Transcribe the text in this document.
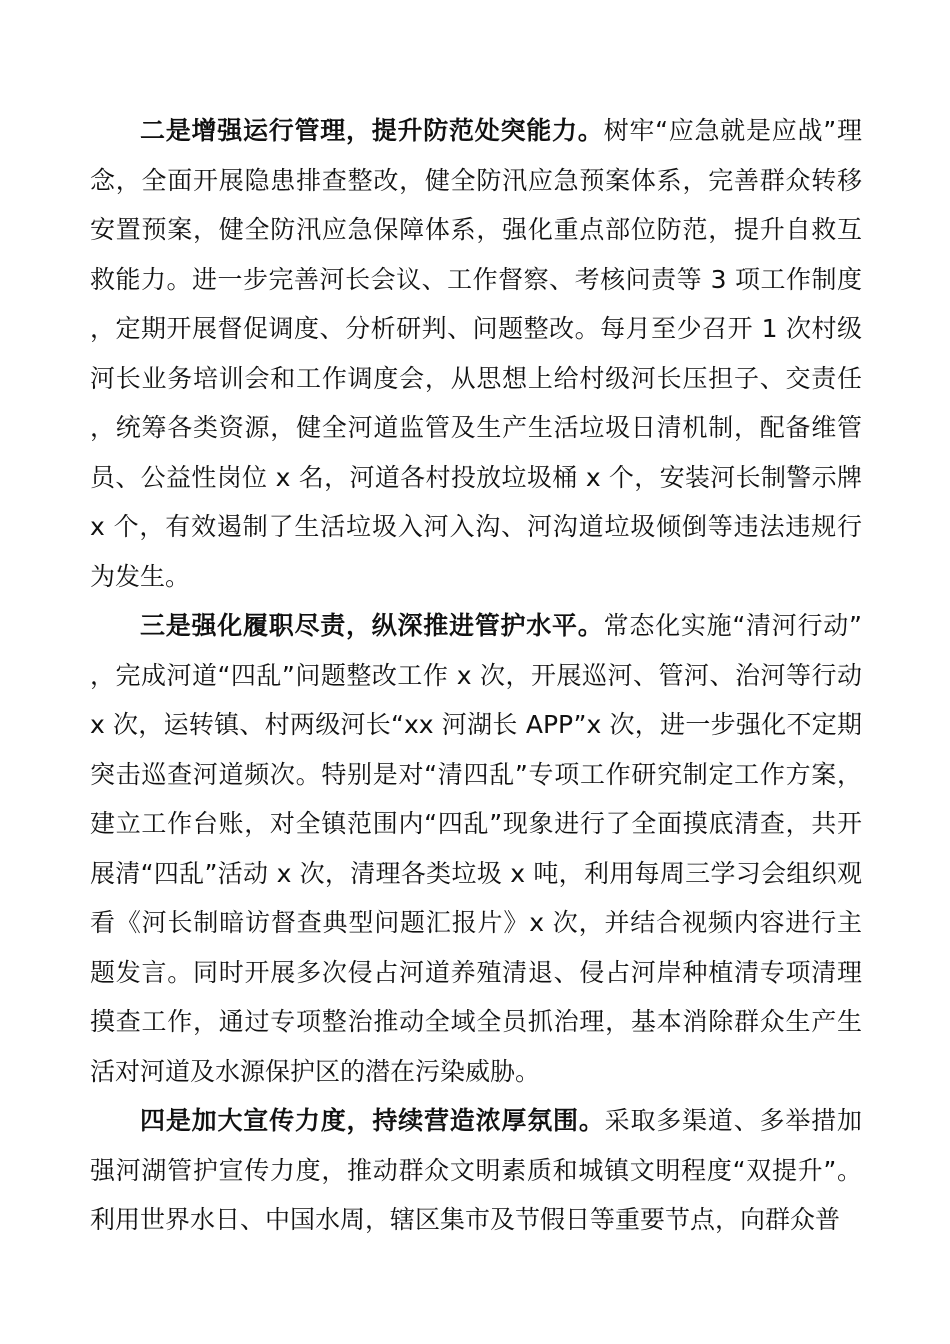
二是增强运行管理，提升防范处突能力。树牢“应急就是应战”理念，全面开展隐患排查整改，健全防汛应急预案体系，完善群众转移安置预案，健全防汛应急保障体系，强化重点部位防范，提升自救互救能力。进一步完善河长会议、工作督察、考核问责等 3 项工作制度，定期开展督促调度、分析研判、问题整改。每月至少召开 1 次村级河长业务培训会和工作调度会，从思想上给村级河长压担子、交责任，统筹各类资源，健全河道监管及生产生活垃圾日清机制，配备维管员、公益性岗位 x 名，河道各村投放垃圾桶 x 个，安装河长制警示牌 x 个，有效遏制了生活垃圾入河入沟、河沟道垃圾倾倒等违法违规行为发生。

三是强化履职尽责，纵深推进管护水平。常态化实施“清河行动”，完成河道“四乱”问题整改工作 x 次，开展巡河、管河、治河等行动 x 次，运转镇、村两级河长“xx 河湖长 APP”x 次，进一步强化不定期突击巡查河道频次。特别是对“清四乱”专项工作研究制定工作方案，建立工作台账，对全镇范围内“四乱”现象进行了全面摸底清查，共开展清“四乱”活动 x 次，清理各类垃圾 x 吨，利用每周三学习会组织观看《河长制暗访督查典型问题汇报片》x 次，并结合视频内容进行主题发言。同时开展多次侵占河道养殖清退、侵占河岸种植清专项清理摸查工作，通过专项整治推动全域全员抓治理，基本消除群众生产生活对河道及水源保护区的潜在污染威胁。

四是加大宣传力度，持续营造浓厚氛围。采取多渠道、多举措加强河湖管护宣传力度，推动群众文明素质和城镇文明程度“双提升”。利用世界水日、中国水周，辖区集市及节假日等重要节点，向群众普
